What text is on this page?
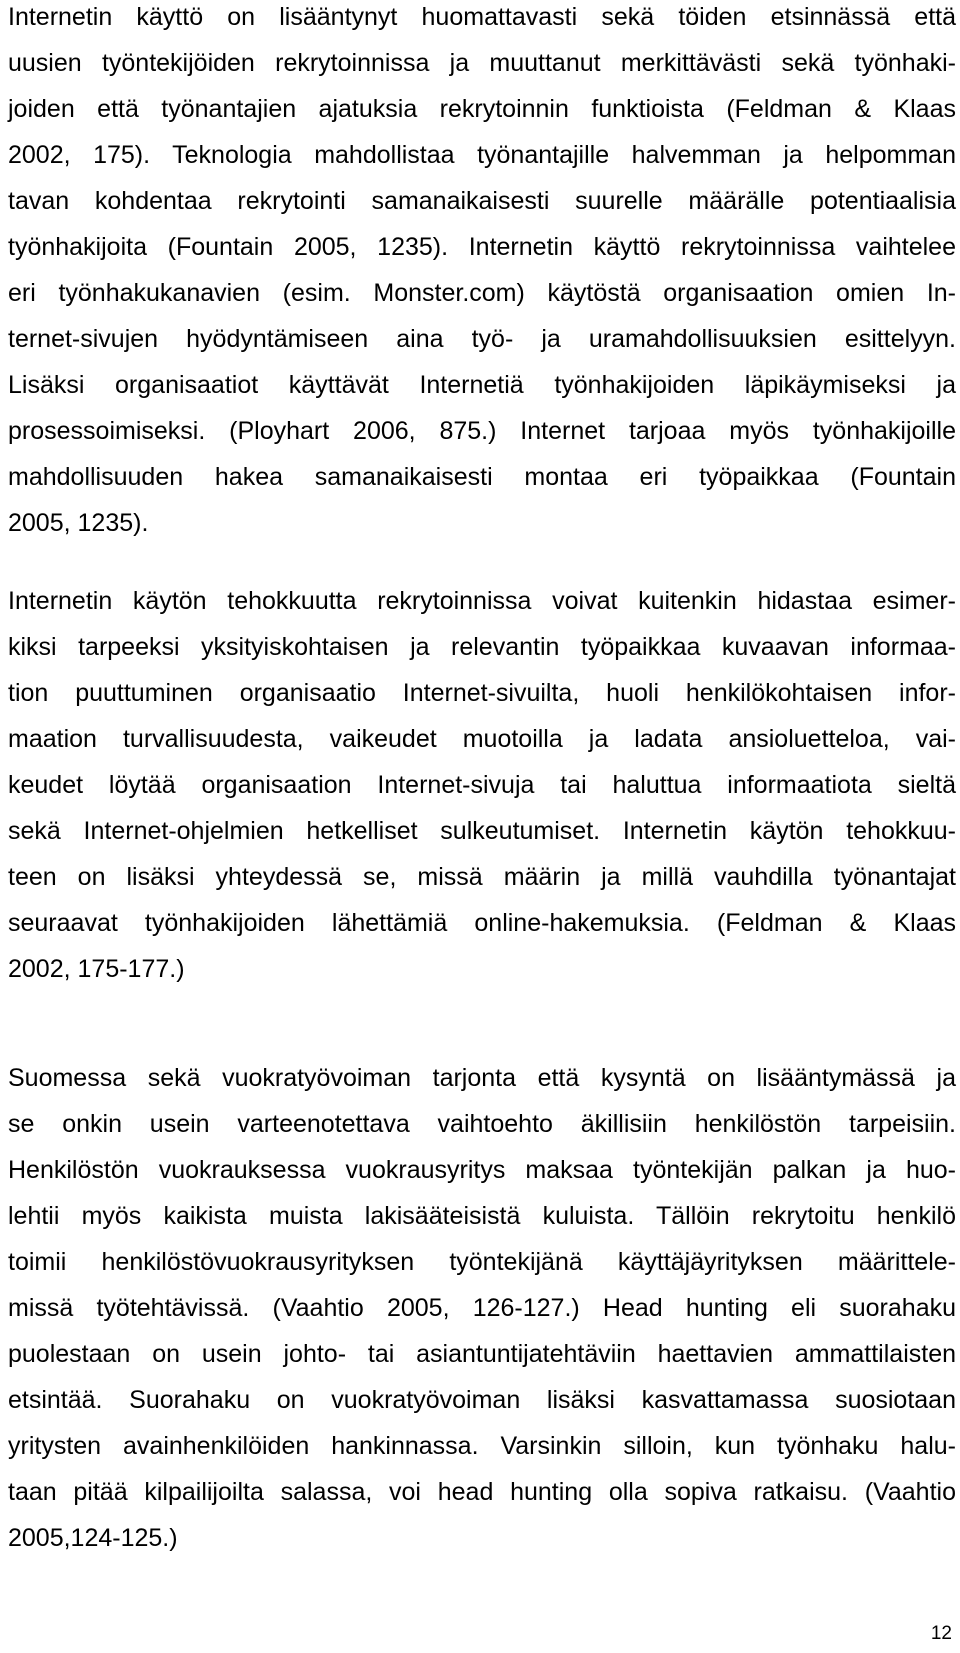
Internetin käyttö on lisääntynyt huomattavasti sekä töiden etsinnässä että
uusien työntekijöiden rekrytoinnissa ja muuttanut merkittävästi sekä työnhaki-
joiden että työnantajien ajatuksia rekrytoinnin funktioista (Feldman & Klaas
2002, 175). Teknologia mahdollistaa työnantajille halvemman ja helpomman
tavan kohdentaa rekrytointi samanaikaisesti suurelle määrälle potentiaalisia
työnhakijoita (Fountain 2005, 1235). Internetin käyttö rekrytoinnissa vaihtelee
eri työnhakukanavien (esim. Monster.com) käytöstä organisaation omien In-
ternet-sivujen hyödyntämiseen aina työ- ja uramahdollisuuksien esittelyyn.
Lisäksi organisaatiot käyttävät Internetiä työnhakijoiden läpikäymiseksi ja
prosessoimiseksi. (Ployhart 2006, 875.) Internet tarjoaa myös työnhakijoille
mahdollisuuden hakea samanaikaisesti montaa eri työpaikkaa (Fountain
2005, 1235).

Internetin käytön tehokkuutta rekrytoinnissa voivat kuitenkin hidastaa esimer-
kiksi tarpeeksi yksityiskohtaisen ja relevantin työpaikkaa kuvaavan informaa-
tion puuttuminen organisaatio Internet-sivuilta, huoli henkilökohtaisen infor-
maation turvallisuudesta, vaikeudet muotoilla ja ladata ansioluetteloa, vai-
keudet löytää organisaation Internet-sivuja tai haluttua informaatiota sieltä
sekä Internet-ohjelmien hetkelliset sulkeutumiset. Internetin käytön tehokkuu-
teen on lisäksi yhteydessä se, missä määrin ja millä vauhdilla työnantajat
seuraavat työnhakijoiden lähettämiä online-hakemuksia. (Feldman & Klaas
2002, 175-177.)

Suomessa sekä vuokratyövoiman tarjonta että kysyntä on lisääntymässä ja
se onkin usein varteenotettava vaihtoehto äkillisiin henkilöstön tarpeisiin.
Henkilöstön vuokrauksessa vuokrausyritys maksaa työntekijän palkan ja huo-
lehtii myös kaikista muista lakisääteisistä kuluista. Tällöin rekrytoitu henkilö
toimii henkilöstövuokrausyrityksen työntekijänä käyttäjäyrityksen määrittele-
missä työtehtävissä. (Vaahtio 2005, 126-127.) Head hunting eli suorahaku
puolestaan on usein johto- tai asiantuntijatehtäviin haettavien ammattilaisten
etsintää. Suorahaku on vuokratyövoiman lisäksi kasvattamassa suosiotaan
yritysten avainhenkilöiden hankinnassa. Varsinkin silloin, kun työnhaku halu-
taan pitää kilpailijoilta salassa, voi head hunting olla sopiva ratkaisu. (Vaahtio
2005,124-125.)

12
